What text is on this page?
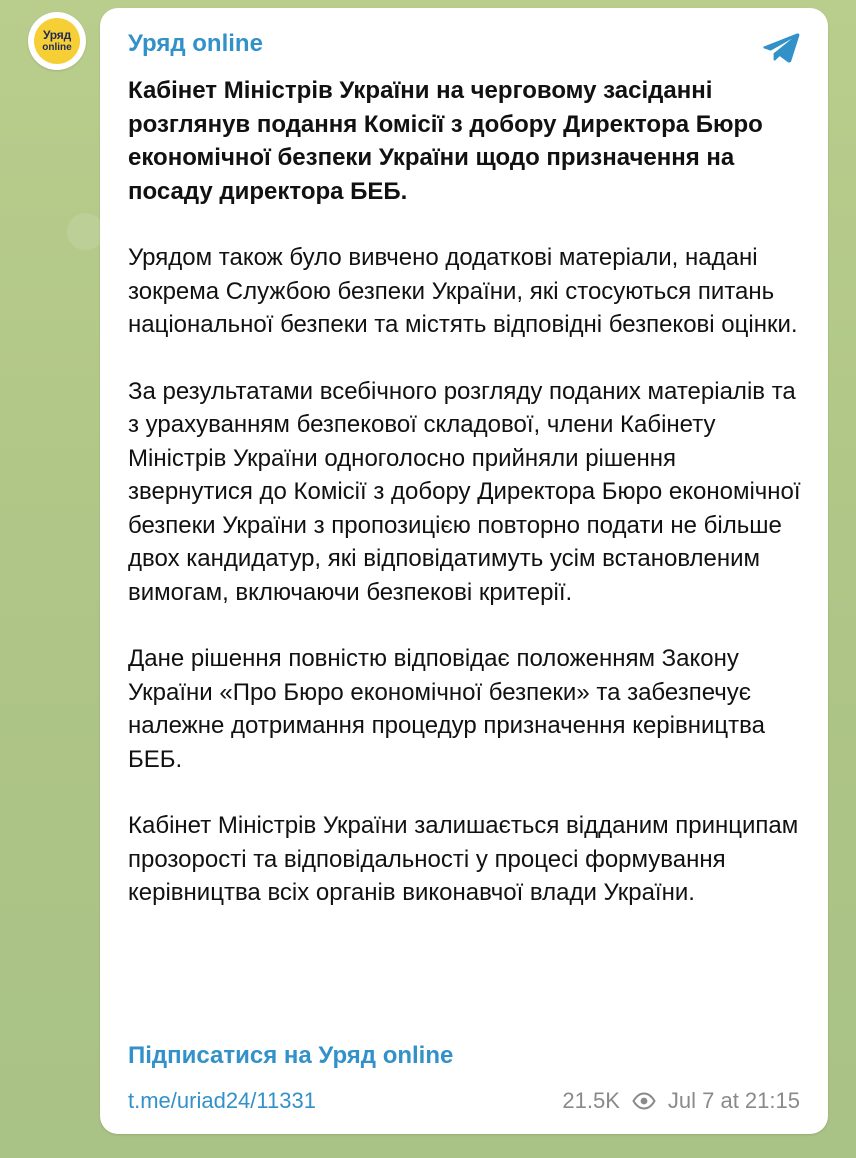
Уряд
online Уряд online

Кабінет Міністрів України на черговому засіданні розглянув подання Комісії з добору Директора Бюро економічної безпеки України щодо призначення на посаду директора БЕБ.

Урядом також було вивчено додаткові матеріали, надані зокрема Службою безпеки України, які стосуються питань національної безпеки та містять відповідні безпекові оцінки.

За результатами всебічного розгляду поданих матеріалів та з урахуванням безпекової складової, члени Кабінету Міністрів України одноголосно прийняли рішення звернутися до Комісії з добору Директора Бюро економічної безпеки України з пропозицією повторно подати не більше двох кандидатур, які відповідатимуть усім встановленим вимогам, включаючи безпекові критерії.

Дане рішення повністю відповідає положенням Закону України «Про Бюро економічної безпеки» та забезпечує належне дотримання процедур призначення керівництва БЕБ.

Кабінет Міністрів України залишається відданим принципам прозорості та відповідальності у процесі формування керівництва всіх органів виконавчої влади України.

Підписатися на Уряд online
t.me/uriad24/11331	21.5K Jul 7 at 21:15
